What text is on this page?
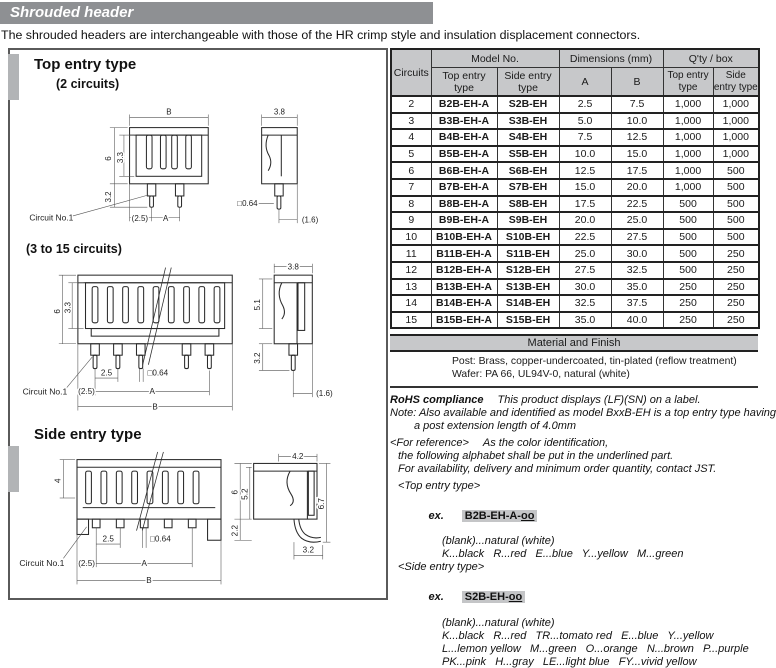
Shrouded header
The shrouded headers are interchangeable with those of the HR crimp style and insulation displacement connectors.
Top entry type
(2 circuits)
B	3.8
6 3.3
3.2
(2.5) A
Circuit No.1
□0.64
(1.6)
(3 to 15 circuits)
3.8
6 3.3	5.1
3.2
2.5	□0.64
Circuit No.1 (2.5)	A
B
(1.6)
Side entry type
4
2.5	□0.64
Circuit No.1 (2.5)	A
B
4.2
6 5.2
6.7
2.2
3.2
Circuits	Model No.		Dimensions (mm)		Q'ty / box	
	Top entry type	Side entry type	A	B	Top entry type	Side entry type
2	B2B-EH-A	S2B-EH	2.5	7.5	1,000	1,000
3	B3B-EH-A	S3B-EH	5.0	10.0	1,000	1,000
4	B4B-EH-A	S4B-EH	7.5	12.5	1,000	1,000
5	B5B-EH-A	S5B-EH	10.0	15.0	1,000	1,000
6	B6B-EH-A	S6B-EH	12.5	17.5	1,000	500
7	B7B-EH-A	S7B-EH	15.0	20.0	1,000	500
8	B8B-EH-A	S8B-EH	17.5	22.5	500	500
9	B9B-EH-A	S9B-EH	20.0	25.0	500	500
10	B10B-EH-A	S10B-EH	22.5	27.5	500	500
11	B11B-EH-A	S11B-EH	25.0	30.0	500	250
12	B12B-EH-A	S12B-EH	27.5	32.5	500	250
13	B13B-EH-A	S13B-EH	30.0	35.0	250	250
14	B14B-EH-A	S14B-EH	32.5	37.5	250	250
15	B15B-EH-A	S15B-EH	35.0	40.0	250	250
Material and Finish
Post: Brass, copper-undercoated, tin-plated (reflow treatment)
Wafer: PA 66, UL94V-0, natural (white)
RoHS compliance This product displays (LF)(SN) on a label.
Note: Also available and identified as model BxxB-EH is a top entry type having
a post extension length of 4.0mm
<For reference> As the color identification,
the following alphabet shall be put in the underlined part.
For availability, delivery and minimum order quantity, contact JST.
<Top entry type>

ex. B2B-EH-A-oo

(blank)...natural (white)
K...black   R...red   E...blue   Y...yellow   M...green
<Side entry type>

ex. S2B-EH-oo

(blank)...natural (white)
K...black   R...red   TR...tomato red   E...blue   Y...yellow
L...lemon yellow   M...green   O...orange   N...brown   P...purple
PK...pink   H...gray   LE...light blue   FY...vivid yellow
